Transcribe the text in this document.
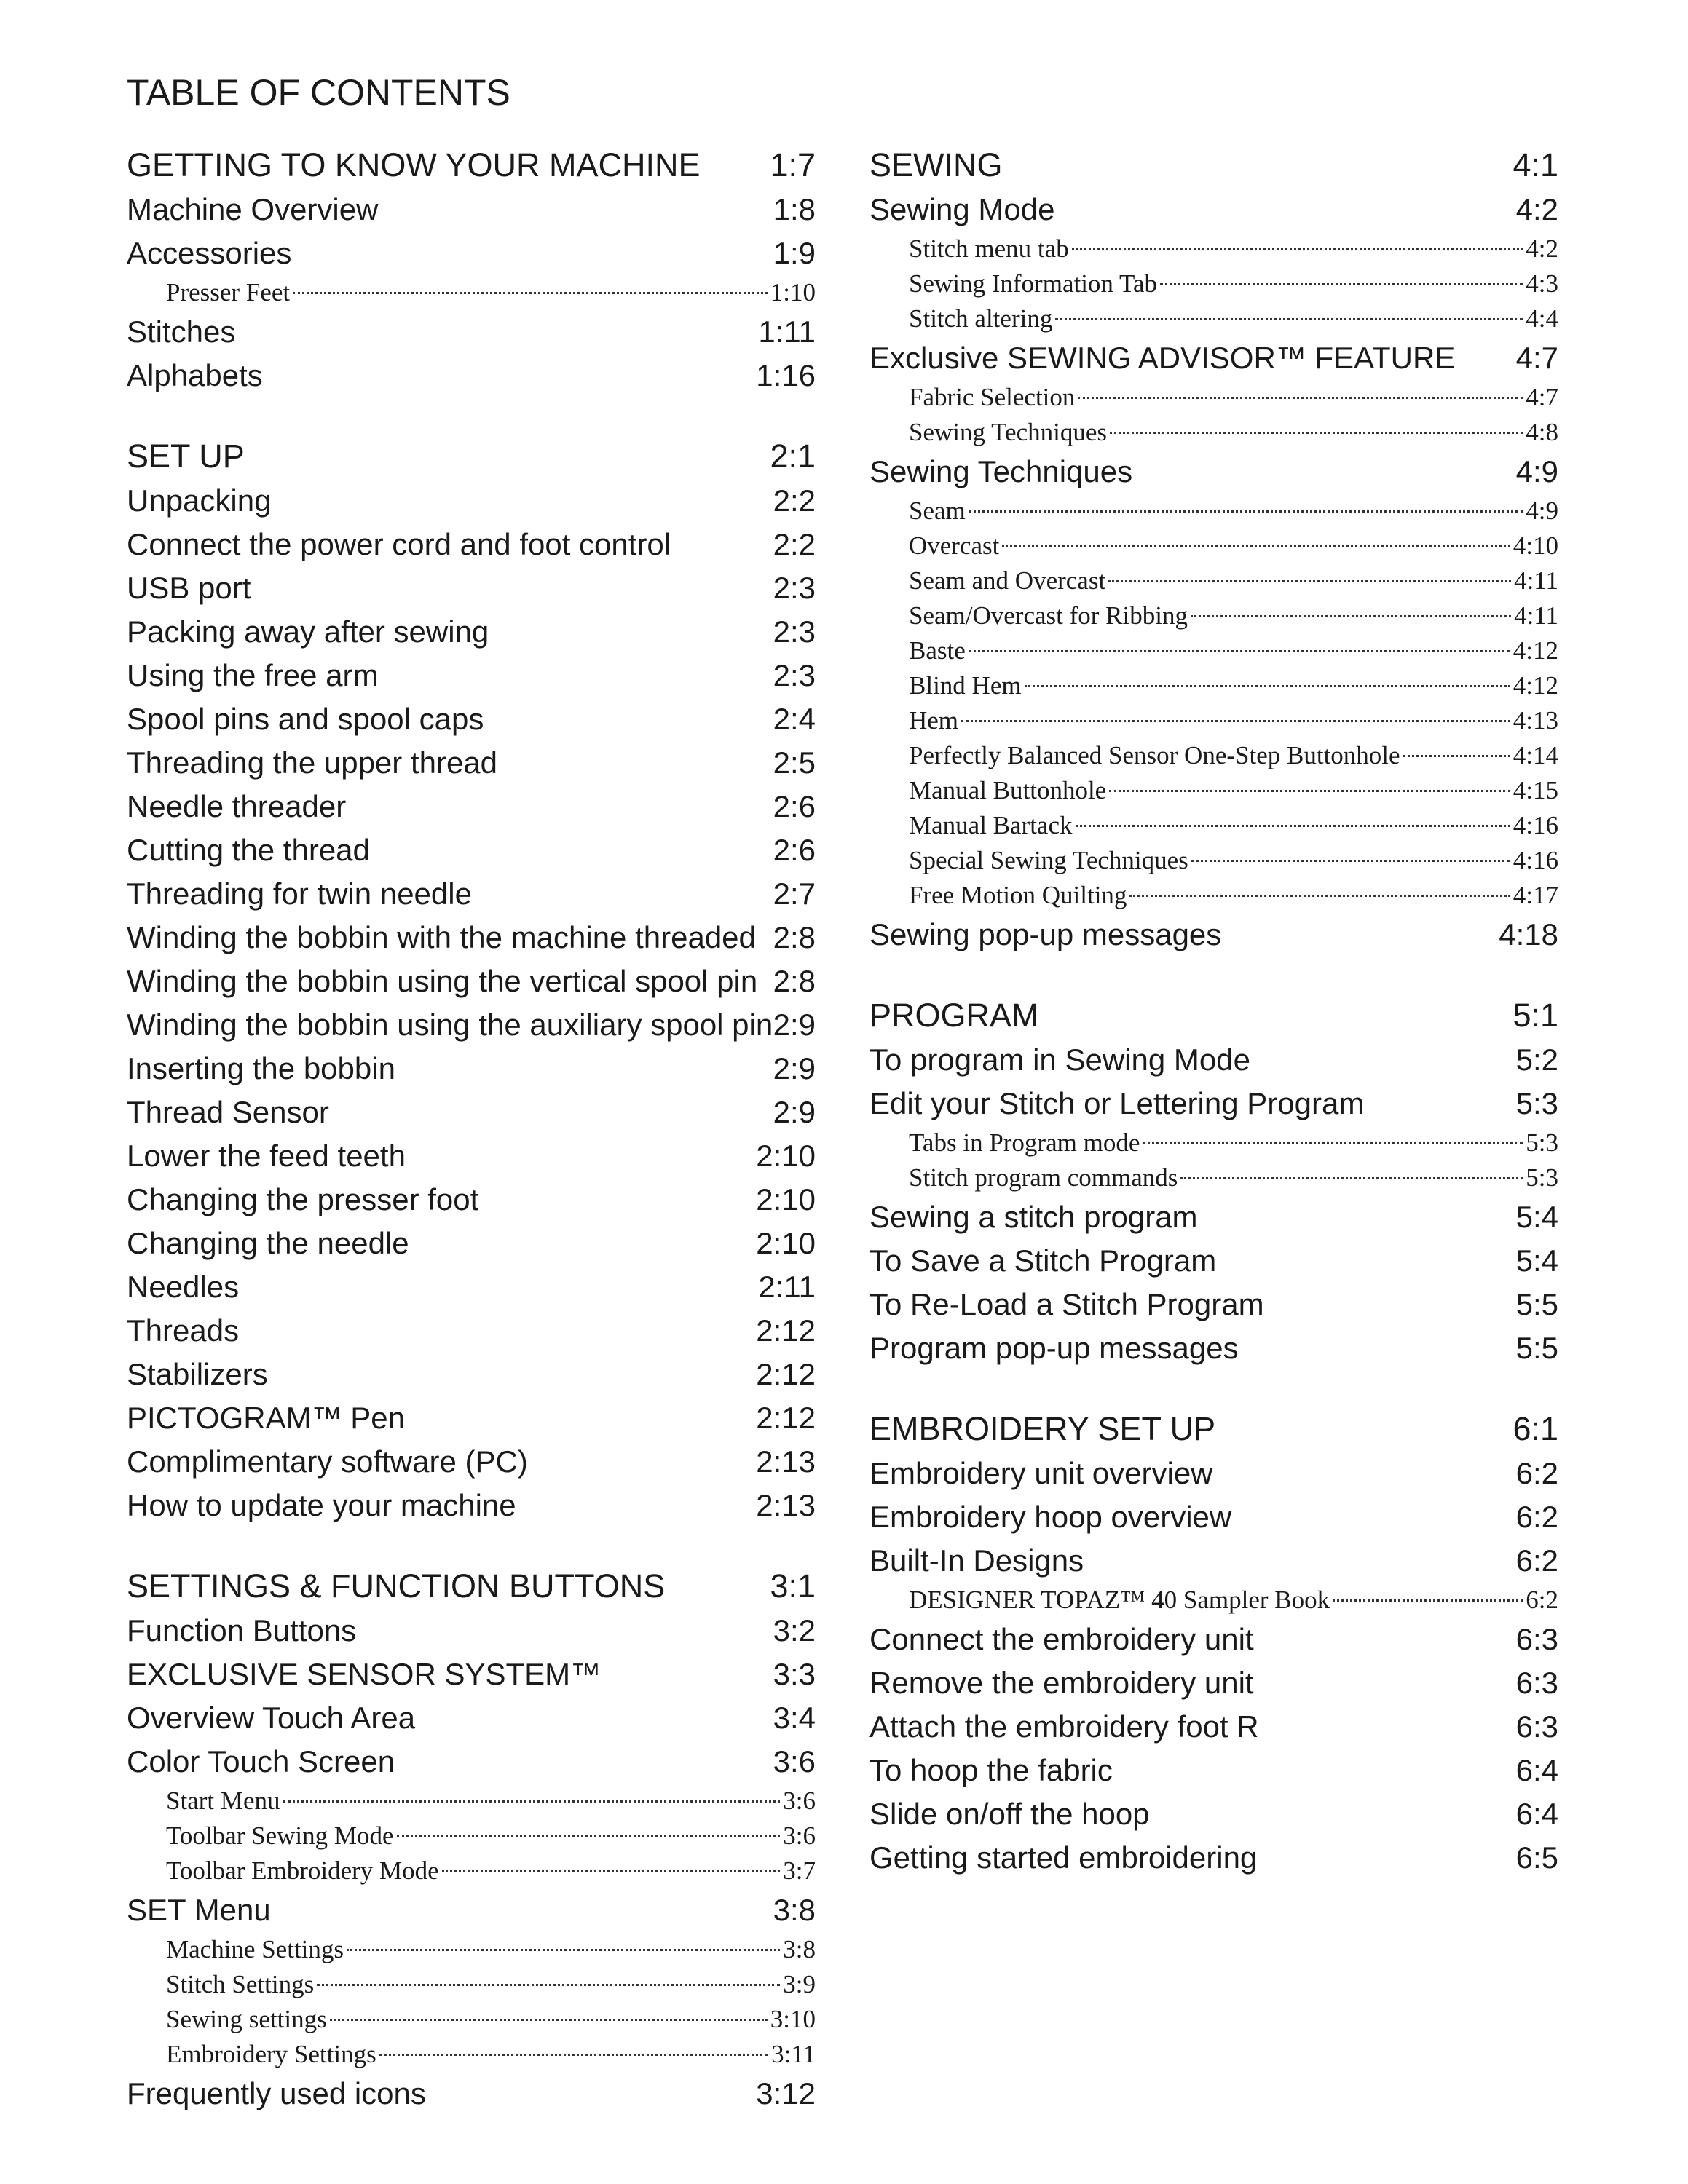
TABLE OF CONTENTS
GETTING TO KNOW YOUR MACHINE 1:7
Machine Overview	1:8
Accessories	1:9
Presser Feet	1:10
Stitches	1:11
Alphabets	1:16
SET UP	2:1
Unpacking	2:2
Connect the power cord and foot control	2:2
USB port	2:3
Packing away after sewing	2:3
Using the free arm	2:3
Spool pins and spool caps	2:4
Threading the upper thread	2:5
Needle threader	2:6
Cutting the thread	2:6
Threading for twin needle	2:7
Winding the bobbin with the machine threaded 2:8
Winding the bobbin using the vertical spool pin 2:8
Winding the bobbin using the auxiliary spool pin 2:9
Inserting the bobbin	2:9
Thread Sensor	2:9
Lower the feed teeth	2:10
Changing the presser foot	2:10
Changing the needle	2:10
Needles	2:11
Threads	2:12
Stabilizers	2:12
PICTOGRAM™ Pen	2:12
Complimentary software (PC)	2:13
How to update your machine	2:13
SETTINGS & FUNCTION BUTTONS	3:1
Function Buttons	3:2
EXCLUSIVE SENSOR SYSTEM™	3:3
Overview Touch Area	3:4
Color Touch Screen	3:6
Start Menu	3:6
Toolbar Sewing Mode	3:6
Toolbar Embroidery Mode	3:7
SET Menu	3:8
Machine Settings	3:8
Stitch Settings	3:9
Sewing settings	3:10
Embroidery Settings	3:11
Frequently used icons	3:12
SEWING	4:1
Sewing Mode	4:2
Stitch menu tab	4:2
Sewing Information Tab	4:3
Stitch altering	4:4
Exclusive SEWING ADVISOR™ FEATURE 4:7
Fabric Selection	4:7
Sewing Techniques	4:8
Sewing Techniques	4:9
Seam	4:9
Overcast	4:10
Seam and Overcast	4:11
Seam/Overcast for Ribbing	4:11
Baste	4:12
Blind Hem	4:12
Hem	4:13
Perfectly Balanced Sensor One-Step Buttonhole	4:14
Manual Buttonhole	4:15
Manual Bartack	4:16
Special Sewing Techniques	4:16
Free Motion Quilting	4:17
Sewing pop-up messages	4:18
PROGRAM	5:1
To program in Sewing Mode	5:2
Edit your Stitch or Lettering Program	5:3
Tabs in Program mode	5:3
Stitch program commands	5:3
Sewing a stitch program	5:4
To Save a Stitch Program	5:4
To Re-Load a Stitch Program	5:5
Program pop-up messages	5:5
EMBROIDERY SET UP	6:1
Embroidery unit overview	6:2
Embroidery hoop overview	6:2
Built-In Designs	6:2
DESIGNER TOPAZ™ 40 Sampler Book	6:2
Connect the embroidery unit	6:3
Remove the embroidery unit	6:3
Attach the embroidery foot R	6:3
To hoop the fabric	6:4
Slide on/off the hoop	6:4
Getting started embroidering	6:5
